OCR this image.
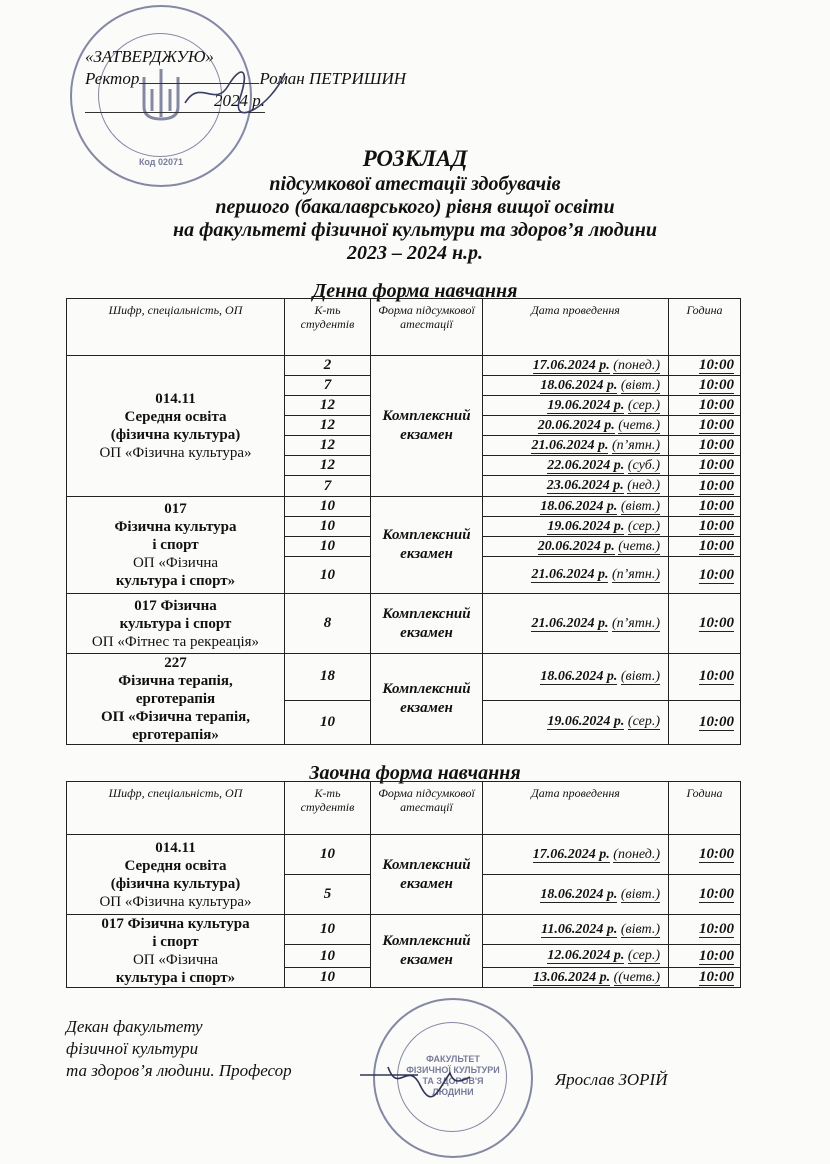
Код 02071
«ЗАТВЕРДЖУЮ»
Ректор	Роман ПЕТРИШИН
2024 р.
РОЗКЛАД
підсумкової атестації здобувачів
першого (бакалаврського) рівня вищої освіти
на факультеті фізичної культури та здоров’я людини
2023 – 2024 н.р.
Денна форма навчання
Шифр, спеціальність, ОП	К-ть студентів	Форма підсумкової атестації	Дата проведення	Година

014.11
Середня освіта
(фізична культура)
ОП «Фізична культура»	2	Комплексний екзамен	17.06.2024 р. (понед.)	10:00
	7		18.06.2024 р. (вівт.)	10:00
	12		19.06.2024 р. (сер.)	10:00
	12		20.06.2024 р. (четв.)	10:00
	12		21.06.2024 р. (п’ятн.)	10:00
	12		22.06.2024 р. (суб.)	10:00
	7		23.06.2024 р. (нед.)	10:00

017
Фізична культура
і спорт
ОП «Фізична
культура і спорт»	10	Комплексний екзамен	18.06.2024 р. (вівт.)	10:00
	10		19.06.2024 р. (сер.)	10:00
	10		20.06.2024 р. (четв.)	10:00
	10		21.06.2024 р. (п’ятн.)	10:00

017 Фізична
культура і спорт
ОП «Фітнес та рекреація»	8	Комплексний екзамен	21.06.2024 р. (п’ятн.)	10:00

227
Фізична терапія,
ерготерапія
ОП «Фізична терапія,
ерготерапія»	18	Комплексний екзамен	18.06.2024 р. (вівт.)	10:00
	10		19.06.2024 р. (сер.)	10:00
Заочна форма навчання
Шифр, спеціальність, ОП	К-ть студентів	Форма підсумкової атестації	Дата проведення	Година

014.11
Середня освіта
(фізична культура)
ОП «Фізична культура»	10	Комплексний екзамен	17.06.2024 р. (понед.)	10:00
	5		18.06.2024 р. (вівт.)	10:00

017 Фізична культура
і спорт
ОП «Фізична
культура і спорт»	10	Комплексний екзамен	11.06.2024 р. (вівт.)	10:00
	10		12.06.2024 р. (сер.)	10:00
	10		13.06.2024 р. ((четв.)	10:00
Декан факультету
фізичної культури
та здоров’я людини. Професор	Ярослав ЗОРІЙ
ФАКУЛЬТЕТ
ФІЗИЧНОЇ КУЛЬТУРИ
ТА ЗДОРОВ'Я
ЛЮДИНИ
